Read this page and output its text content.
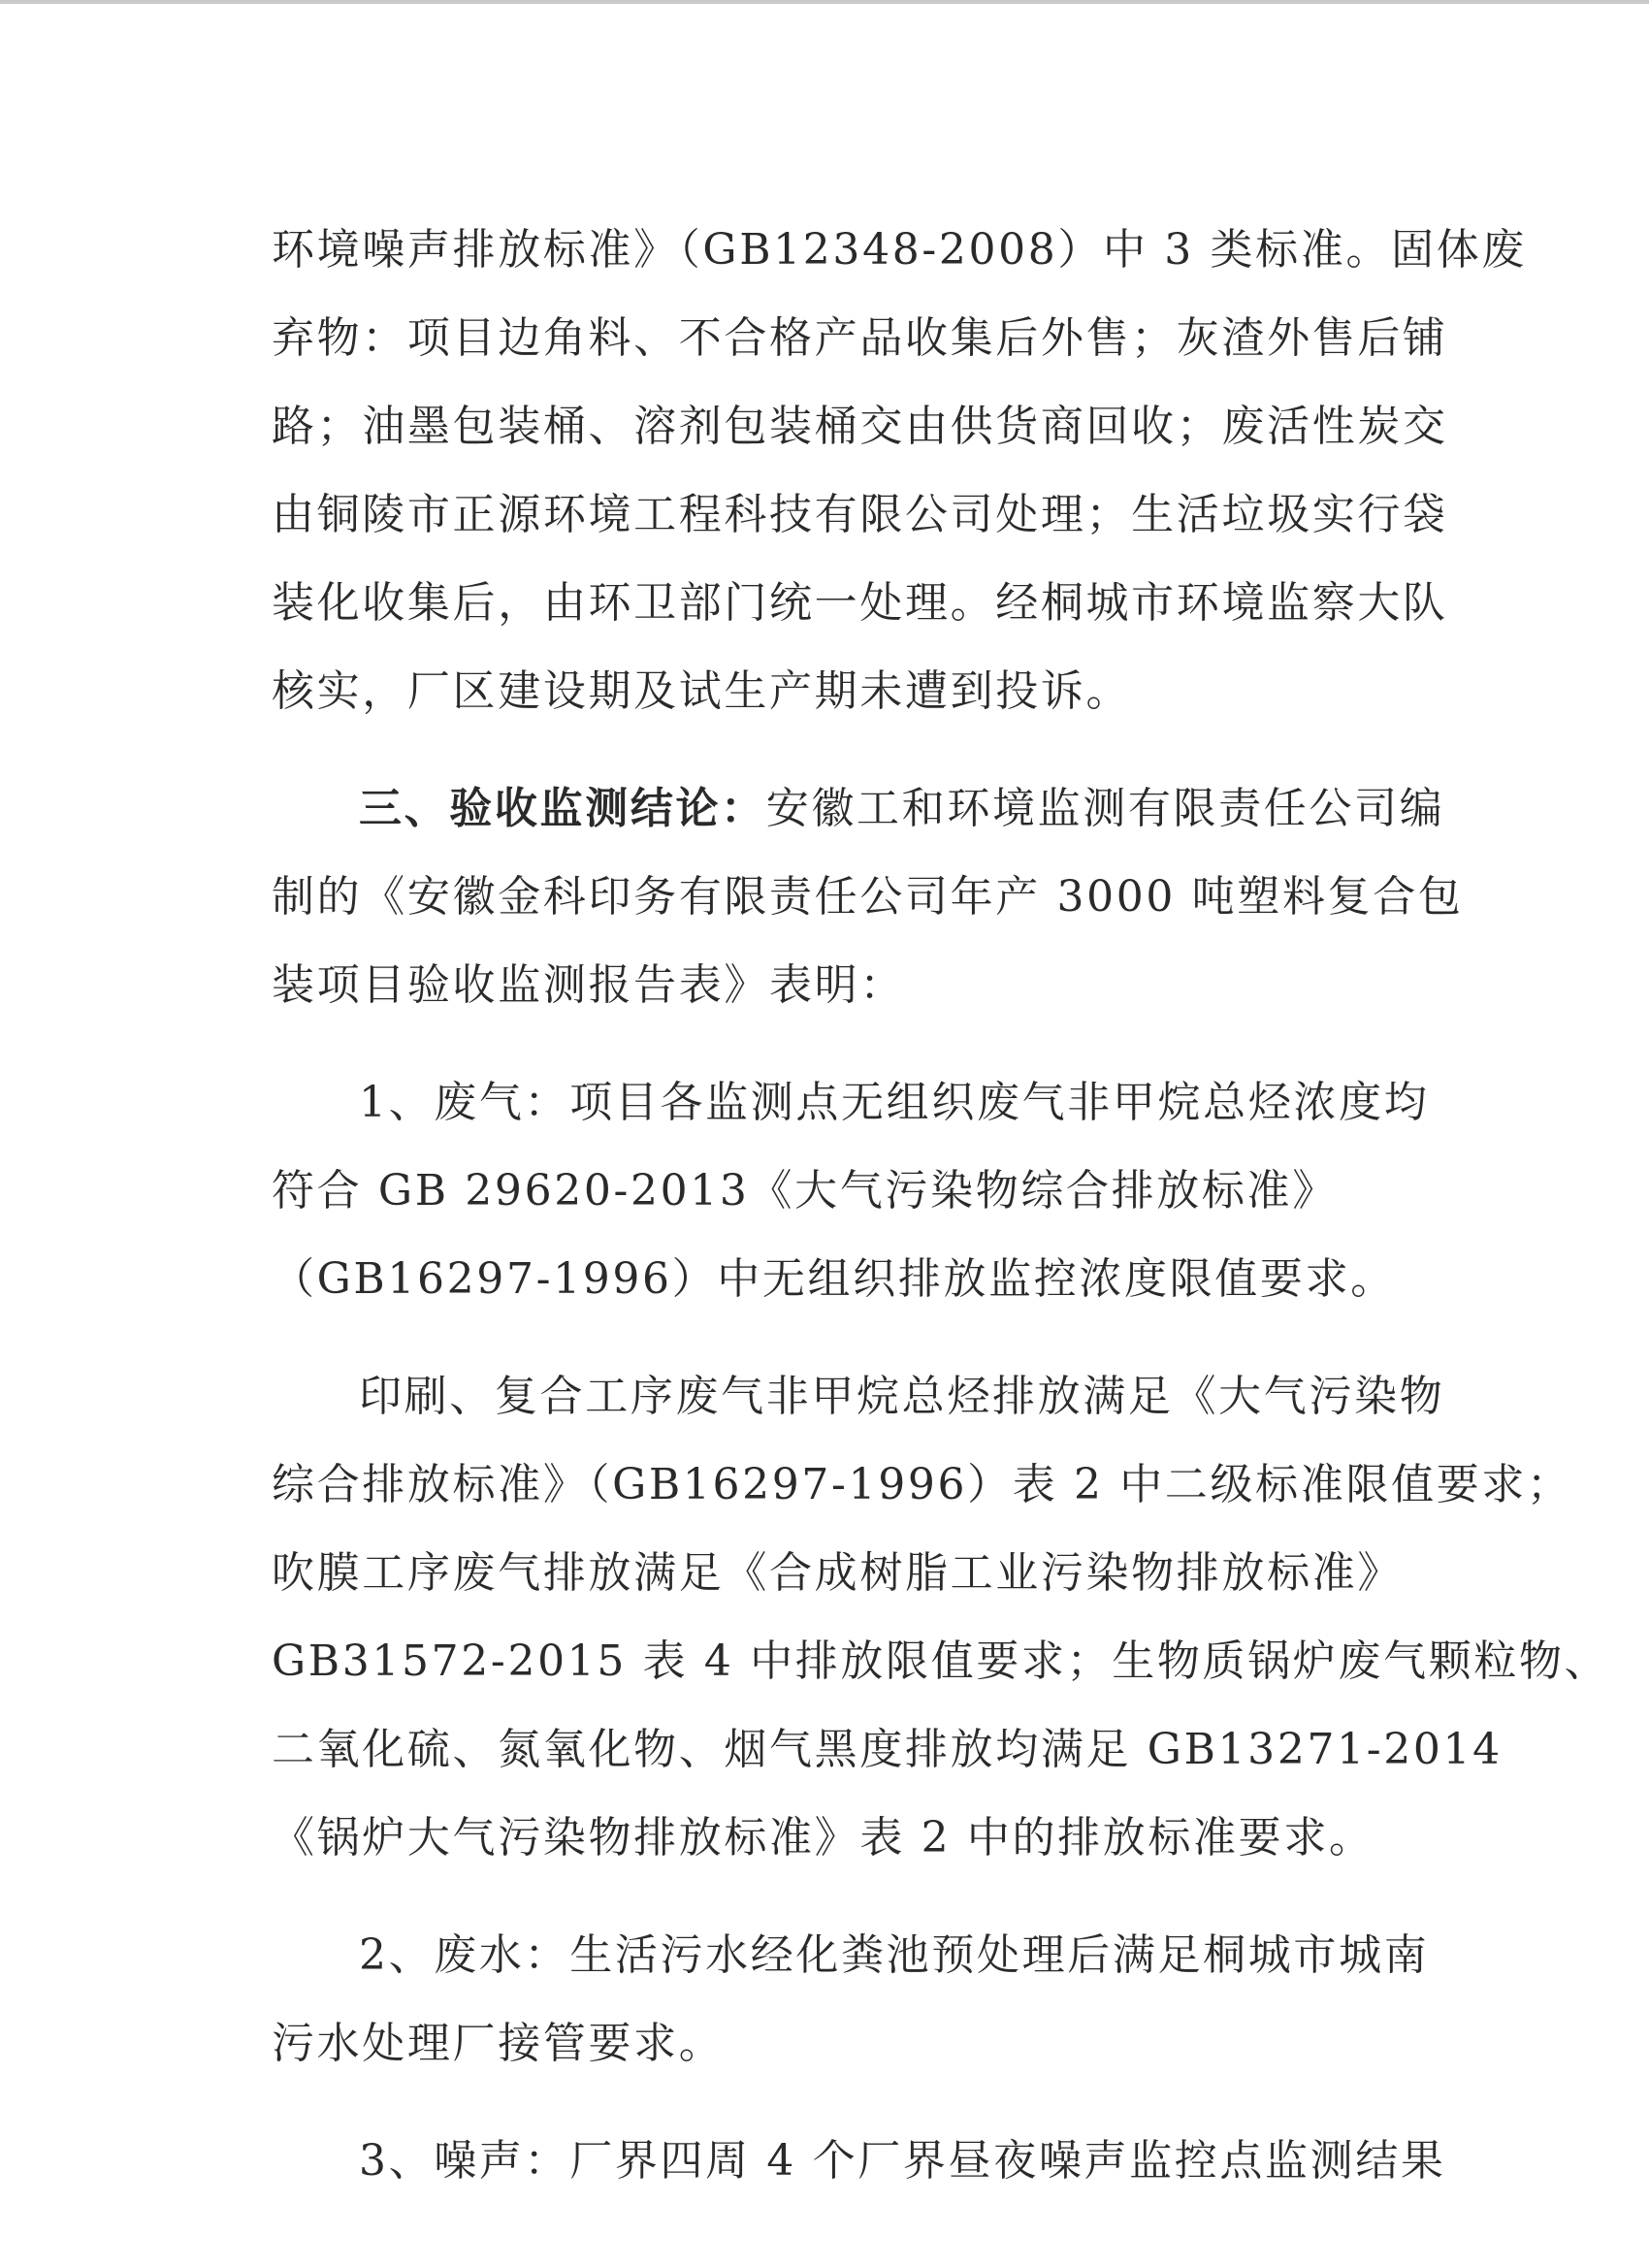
环境噪声排放标准》（GB12348-2008）中 3 类标准。固体废
弃物：项目边角料、不合格产品收集后外售；灰渣外售后铺
路；油墨包装桶、溶剂包装桶交由供货商回收；废活性炭交
由铜陵市正源环境工程科技有限公司处理；生活垃圾实行袋
装化收集后，由环卫部门统一处理。经桐城市环境监察大队
核实，厂区建设期及试生产期未遭到投诉。
三、验收监测结论：安徽工和环境监测有限责任公司编
制的《安徽金科印务有限责任公司年产 3000 吨塑料复合包
装项目验收监测报告表》表明：
1、废气：项目各监测点无组织废气非甲烷总烃浓度均
符合 GB 29620-2013《大气污染物综合排放标准》
（GB16297-1996）中无组织排放监控浓度限值要求。
印刷、复合工序废气非甲烷总烃排放满足《大气污染物
综合排放标准》（GB16297-1996）表 2 中二级标准限值要求；
吹膜工序废气排放满足《合成树脂工业污染物排放标准》
GB31572-2015 表 4 中排放限值要求；生物质锅炉废气颗粒物、
二氧化硫、氮氧化物、烟气黑度排放均满足 GB13271-2014
《锅炉大气污染物排放标准》表 2 中的排放标准要求。
2、废水：生活污水经化粪池预处理后满足桐城市城南
污水处理厂接管要求。
3、噪声：厂界四周 4 个厂界昼夜噪声监控点监测结果
